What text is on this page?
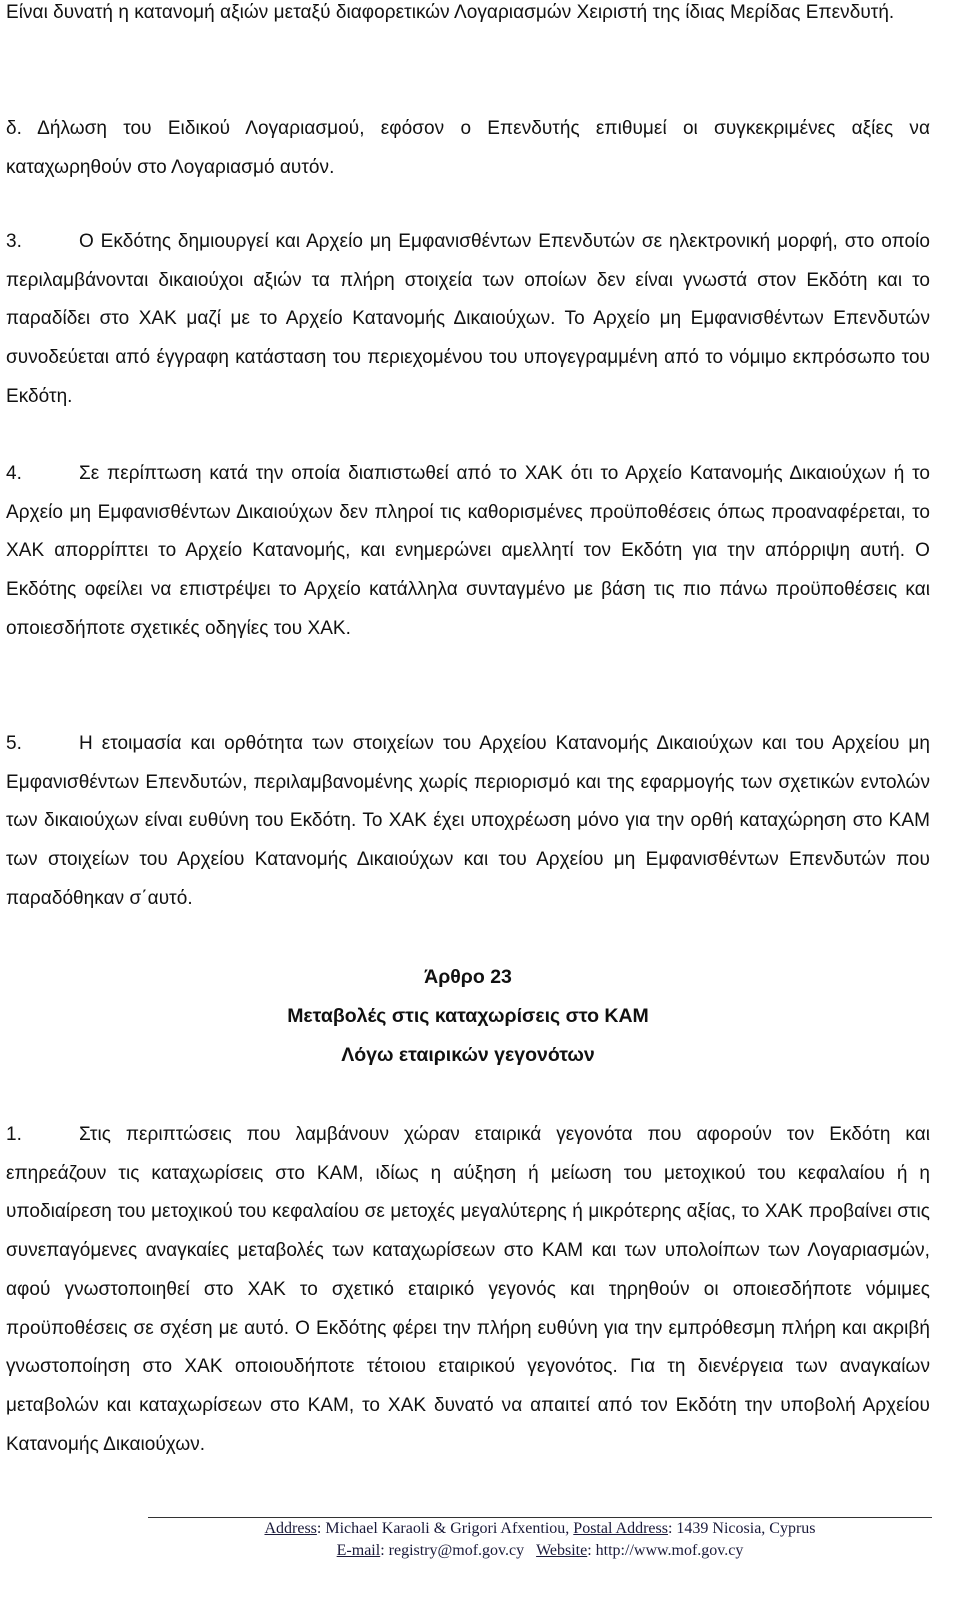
Είναι δυνατή η κατανομή αξιών μεταξύ διαφορετικών Λογαριασμών Χειριστή της ίδιας Μερίδας Επενδυτή.

δ. Δήλωση του Ειδικού Λογαριασμού, εφόσον ο Επενδυτής επιθυμεί οι συγκεκριμένες αξίες να καταχωρηθούν στο Λογαριασμό αυτόν.

3.	Ο Εκδότης δημιουργεί και Αρχείο μη Εμφανισθέντων Επενδυτών σε ηλεκτρονική μορφή, στο οποίο περιλαμβάνονται δικαιούχοι αξιών τα πλήρη στοιχεία των οποίων δεν είναι γνωστά στον Εκδότη και το παραδίδει στο ΧΑΚ μαζί με το Αρχείο Κατανομής Δικαιούχων. Το Αρχείο μη Εμφανισθέντων Επενδυτών συνοδεύεται από έγγραφη κατάσταση του περιεχομένου του υπογεγραμμένη από το νόμιμο εκπρόσωπο του Εκδότη.

4.	Σε περίπτωση κατά την οποία διαπιστωθεί από το ΧΑΚ ότι το Αρχείο Κατανομής Δικαιούχων ή το Αρχείο μη Εμφανισθέντων Δικαιούχων δεν πληροί τις καθορισμένες προϋποθέσεις όπως προαναφέρεται, το ΧΑΚ απορρίπτει το Αρχείο Κατανομής, και ενημερώνει αμελλητί τον Εκδότη για την απόρριψη αυτή. Ο Εκδότης οφείλει να επιστρέψει το Αρχείο κατάλληλα συνταγμένο με βάση τις πιο πάνω προϋποθέσεις και οποιεσδήποτε σχετικές οδηγίες του ΧΑΚ.

5.	Η ετοιμασία και ορθότητα των στοιχείων του Αρχείου Κατανομής Δικαιούχων και του Αρχείου μη Εμφανισθέντων Επενδυτών, περιλαμβανομένης χωρίς περιορισμό και της εφαρμογής των σχετικών εντολών των δικαιούχων είναι ευθύνη του Εκδότη. Το ΧΑΚ έχει υποχρέωση μόνο για την ορθή καταχώρηση στο ΚΑΜ των στοιχείων του Αρχείου Κατανομής Δικαιούχων και του Αρχείου μη Εμφανισθέντων Επενδυτών που παραδόθηκαν σ΄αυτό.

Άρθρο 23
Μεταβολές στις καταχωρίσεις στο ΚΑΜ
Λόγω εταιρικών γεγονότων

1.	Στις περιπτώσεις που λαμβάνουν χώραν εταιρικά γεγονότα που αφορούν τον Εκδότη και επηρεάζουν τις καταχωρίσεις στο ΚΑΜ, ιδίως η αύξηση ή μείωση του μετοχικού του κεφαλαίου ή η υποδιαίρεση του μετοχικού του κεφαλαίου σε μετοχές μεγαλύτερης ή μικρότερης αξίας, το ΧΑΚ προβαίνει στις συνεπαγόμενες αναγκαίες μεταβολές των καταχωρίσεων στο ΚΑΜ και των υπολοίπων των Λογαριασμών, αφού γνωστοποιηθεί στο ΧΑΚ το σχετικό εταιρικό γεγονός και τηρηθούν οι οποιεσδήποτε νόμιμες προϋποθέσεις σε σχέση με αυτό. Ο Εκδότης φέρει την πλήρη ευθύνη για την εμπρόθεσμη πλήρη και ακριβή γνωστοποίηση στο ΧΑΚ οποιουδήποτε τέτοιου εταιρικού γεγονότος. Για τη διενέργεια των αναγκαίων μεταβολών και καταχωρίσεων στο ΚΑΜ, το ΧΑΚ δυνατό να απαιτεί από τον Εκδότη την υποβολή Αρχείου Κατανομής Δικαιούχων.

Address: Michael Karaoli & Grigori Afxentiou, Postal Address: 1439 Nicosia, Cyprus
E-mail: registry@mof.gov.cy Website: http://www.mof.gov.cy
